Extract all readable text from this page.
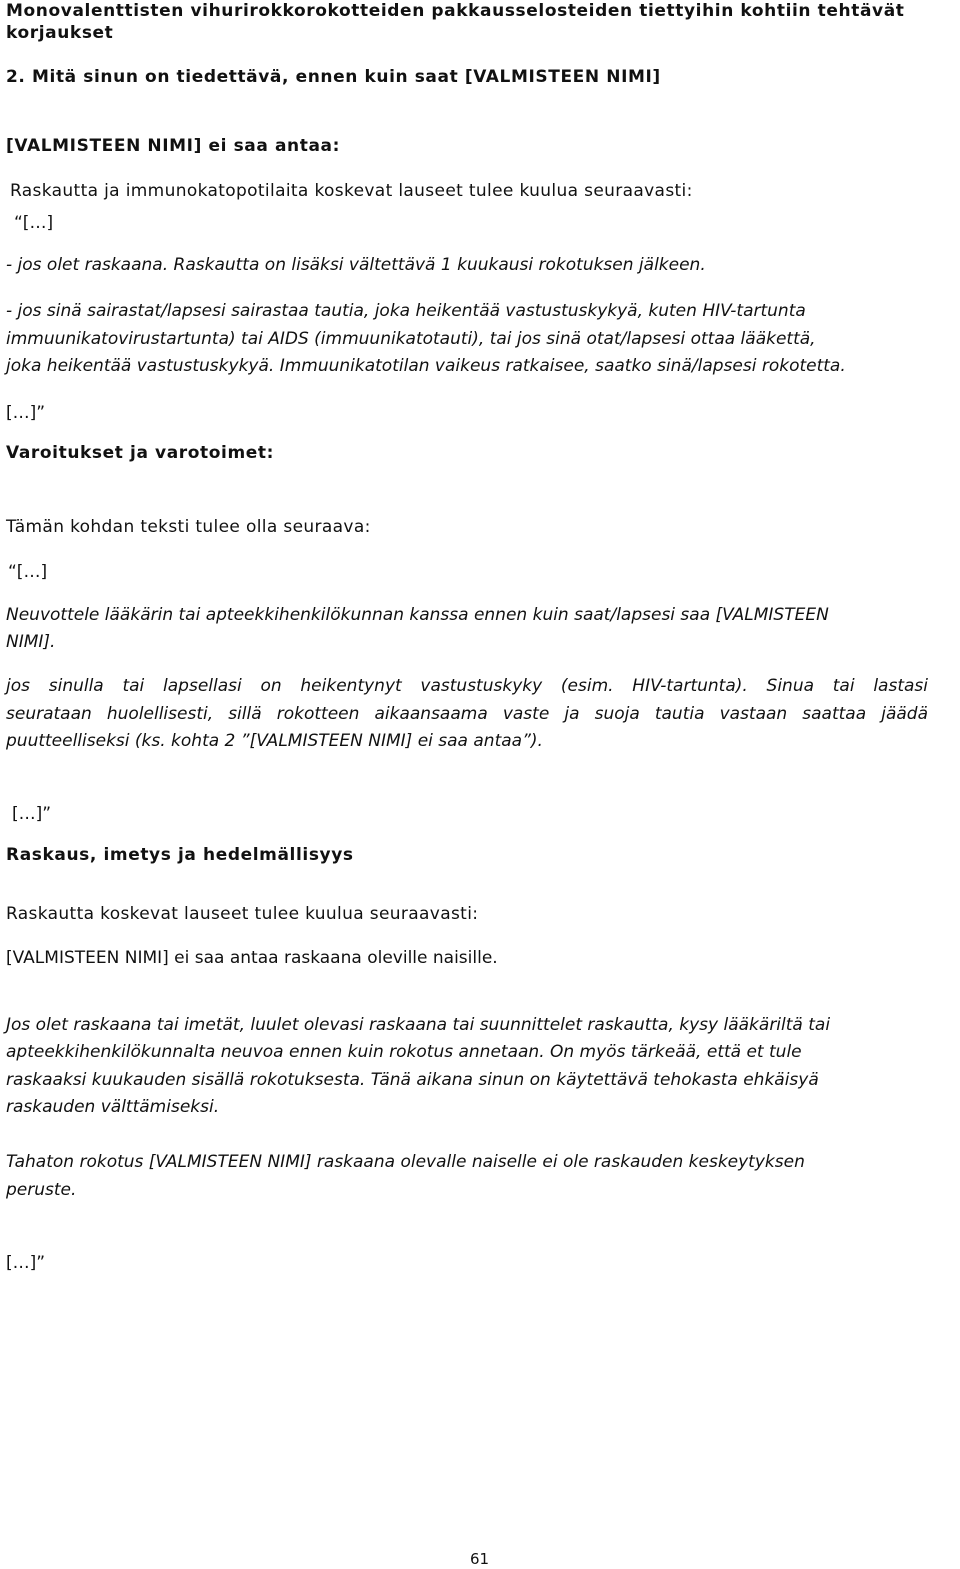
Monovalenttisten vihurirokkorokotteiden pakkausselosteiden tiettyihin kohtiin tehtävät
korjaukset
2. Mitä sinun on tiedettävä, ennen kuin saat [VALMISTEEN NIMI]
[VALMISTEEN NIMI] ei saa antaa:
Raskautta ja immunokatopotilaita koskevat lauseet tulee kuulua seuraavasti:
“[…]
- jos olet raskaana. Raskautta on lisäksi vältettävä 1 kuukausi rokotuksen jälkeen.
- jos sinä sairastat/lapsesi sairastaa tautia, joka heikentää vastustuskykyä, kuten HIV-tartunta
immuunikatovirustartunta) tai AIDS (immuunikatotauti), tai jos sinä otat/lapsesi ottaa lääkettä,
joka heikentää vastustuskykyä. Immuunikatotilan vaikeus ratkaisee, saatko sinä/lapsesi rokotetta.
[…]”
Varoitukset ja varotoimet:
Tämän kohdan teksti tulee olla seuraava:
“[…]
Neuvottele lääkärin tai apteekkihenkilökunnan kanssa ennen kuin saat/lapsesi saa [VALMISTEEN
NIMI].
jos sinulla tai lapsellasi on heikentynyt vastustuskyky (esim. HIV-tartunta). Sinua tai lastasi
seurataan huolellisesti, sillä rokotteen aikaansaama vaste ja suoja tautia vastaan saattaa jäädä
puutteelliseksi (ks. kohta 2 ”[VALMISTEEN NIMI] ei saa antaa”).
[…]”
Raskaus, imetys ja hedelmällisyys
Raskautta koskevat lauseet tulee kuulua seuraavasti:
[VALMISTEEN NIMI] ei saa antaa raskaana oleville naisille.
Jos olet raskaana tai imetät, luulet olevasi raskaana tai suunnittelet raskautta, kysy lääkäriltä tai
apteekkihenkilökunnalta neuvoa ennen kuin rokotus annetaan. On myös tärkeää, että et tule
raskaaksi kuukauden sisällä rokotuksesta. Tänä aikana sinun on käytettävä tehokasta ehkäisyä
raskauden välttämiseksi.
Tahaton rokotus [VALMISTEEN NIMI] raskaana olevalle naiselle ei ole raskauden keskeytyksen
peruste.
[…]”
61
